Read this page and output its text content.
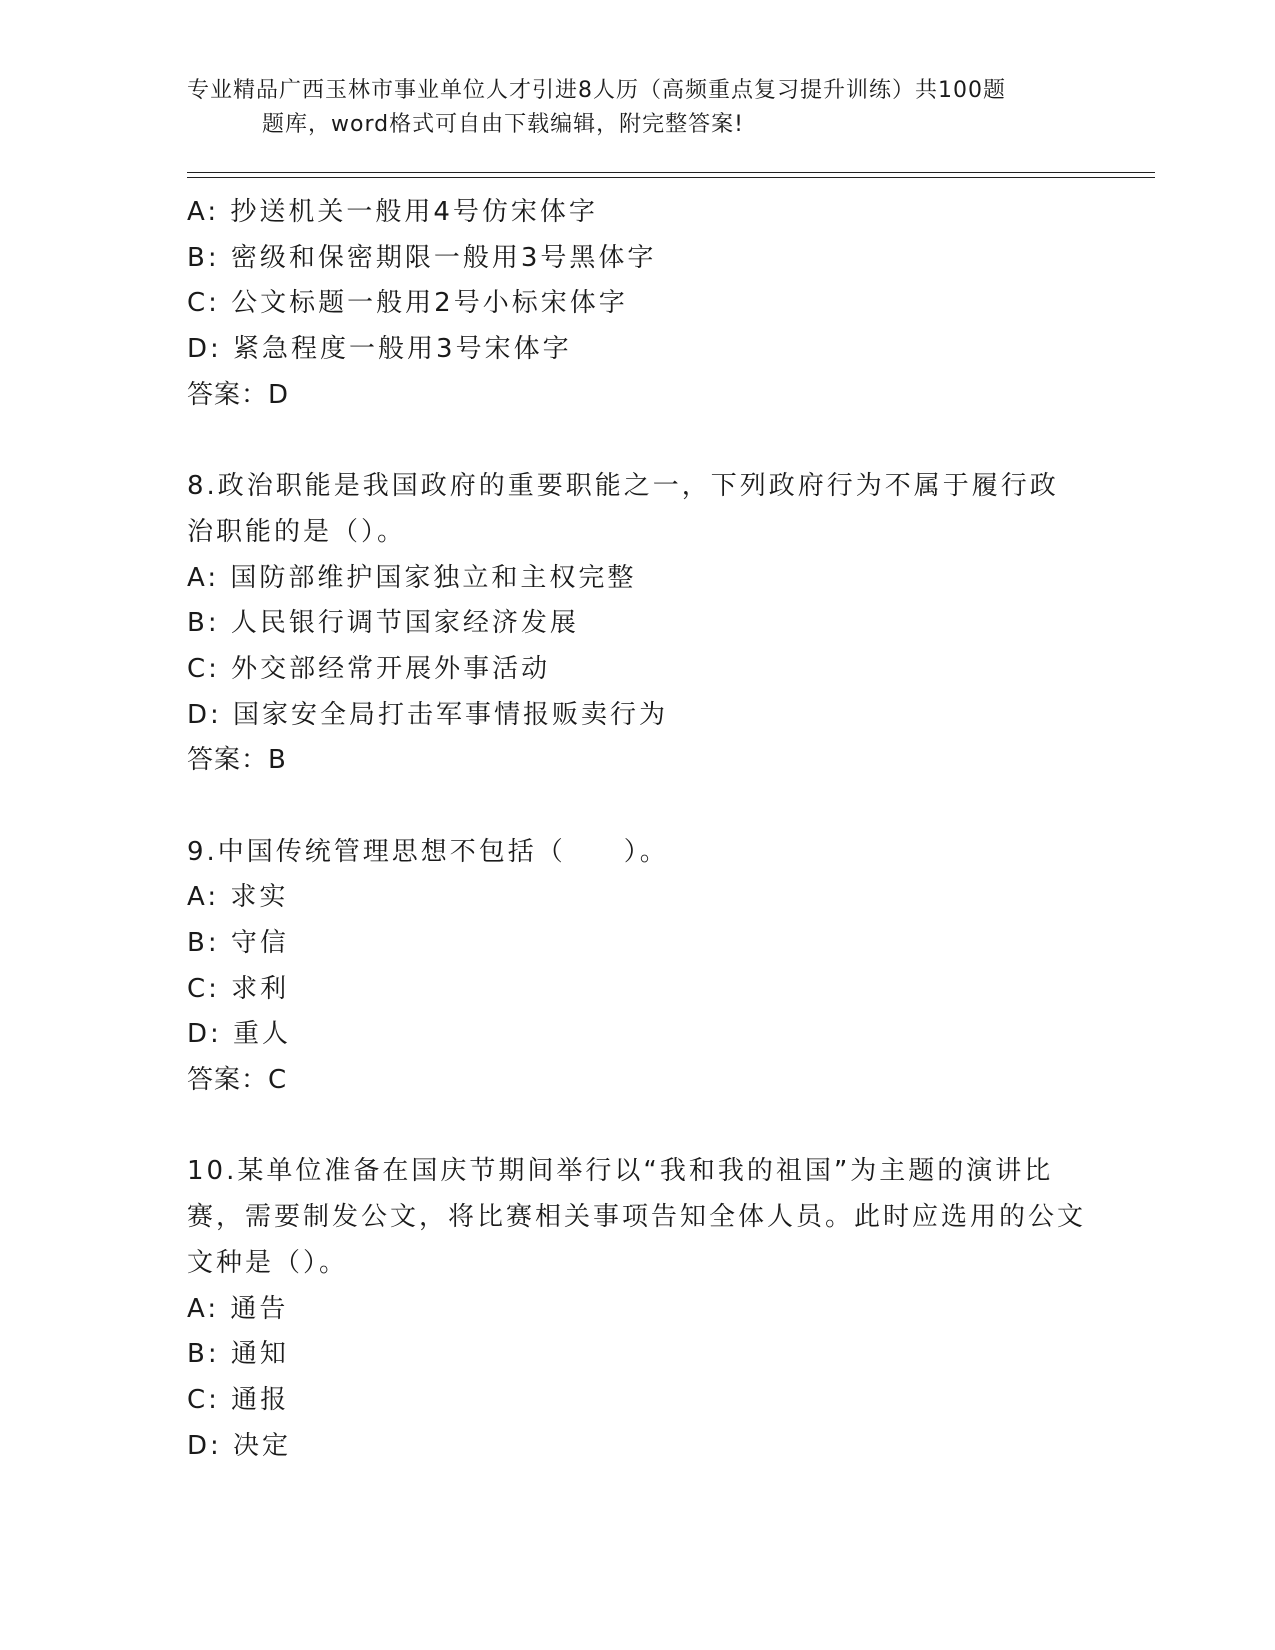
专业精品广西玉林市事业单位人才引进8人历（高频重点复习提升训练）共100题
题库，word格式可自由下载编辑，附完整答案!
A: 抄送机关一般用4号仿宋体字
B: 密级和保密期限一般用3号黑体字
C: 公文标题一般用2号小标宋体字
D: 紧急程度一般用3号宋体字
答案：D
8.政治职能是我国政府的重要职能之一，下列政府行为不属于履行政治职能的是（）。
A: 国防部维护国家独立和主权完整
B: 人民银行调节国家经济发展
C: 外交部经常开展外事活动
D: 国家安全局打击军事情报贩卖行为
答案：B
9.中国传统管理思想不包括（　　）。
A: 求实
B: 守信
C: 求利
D: 重人
答案：C
10.某单位准备在国庆节期间举行以“我和我的祖国”为主题的演讲比赛，需要制发公文，将比赛相关事项告知全体人员。此时应选用的公文文种是（）。
A: 通告
B: 通知
C: 通报
D: 决定
